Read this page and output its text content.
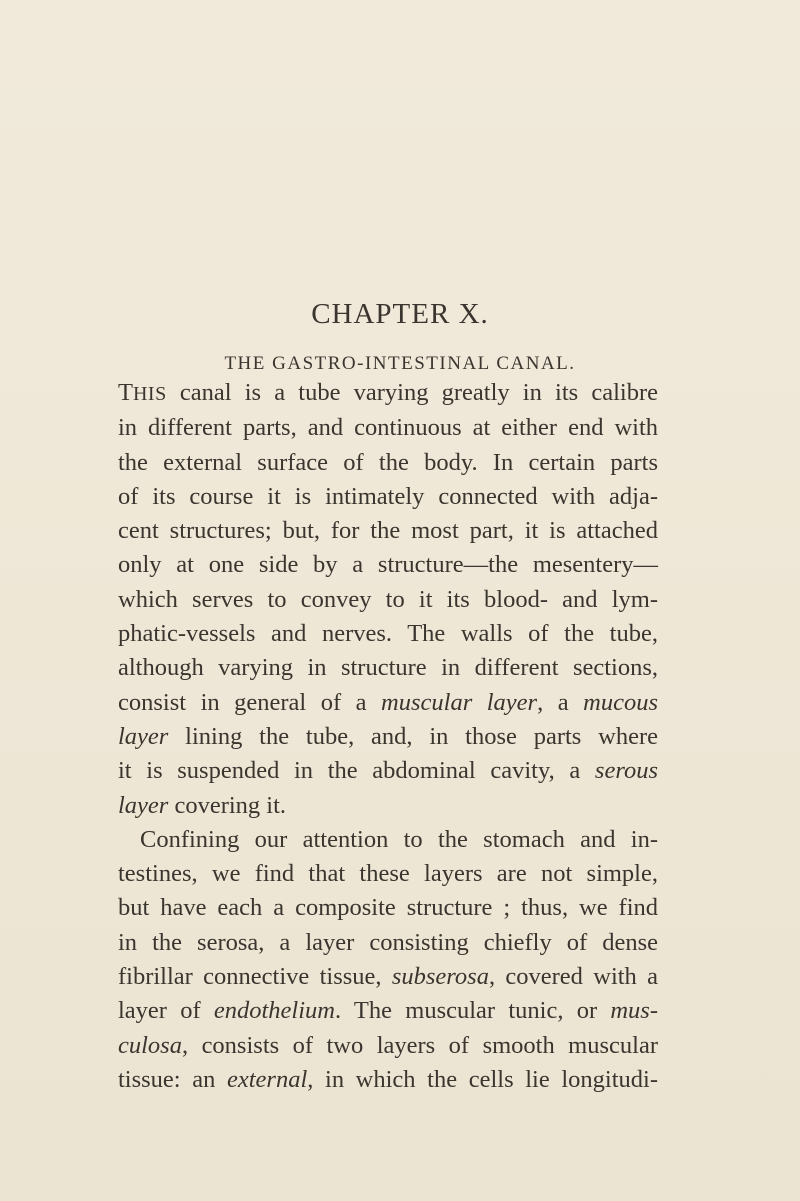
CHAPTER X.
THE GASTRO-INTESTINAL CANAL.
THIS canal is a tube varying greatly in its calibre
in different parts, and continuous at either end with
the external surface of the body. In certain parts
of its course it is intimately connected with adja-
cent structures; but, for the most part, it is attached
only at one side by a structure—the mesentery—
which serves to convey to it its blood- and lym-
phatic-vessels and nerves. The walls of the tube,
although varying in structure in different sections,
consist in general of a muscular layer, a mucous
layer lining the tube, and, in those parts where
it is suspended in the abdominal cavity, a serous
layer covering it.
Confining our attention to the stomach and in-
testines, we find that these layers are not simple,
but have each a composite structure ; thus, we find
in the serosa, a layer consisting chiefly of dense
fibrillar connective tissue, subserosa, covered with a
layer of endothelium. The muscular tunic, or mus-
culosa, consists of two layers of smooth muscular
tissue: an external, in which the cells lie longitudi-
